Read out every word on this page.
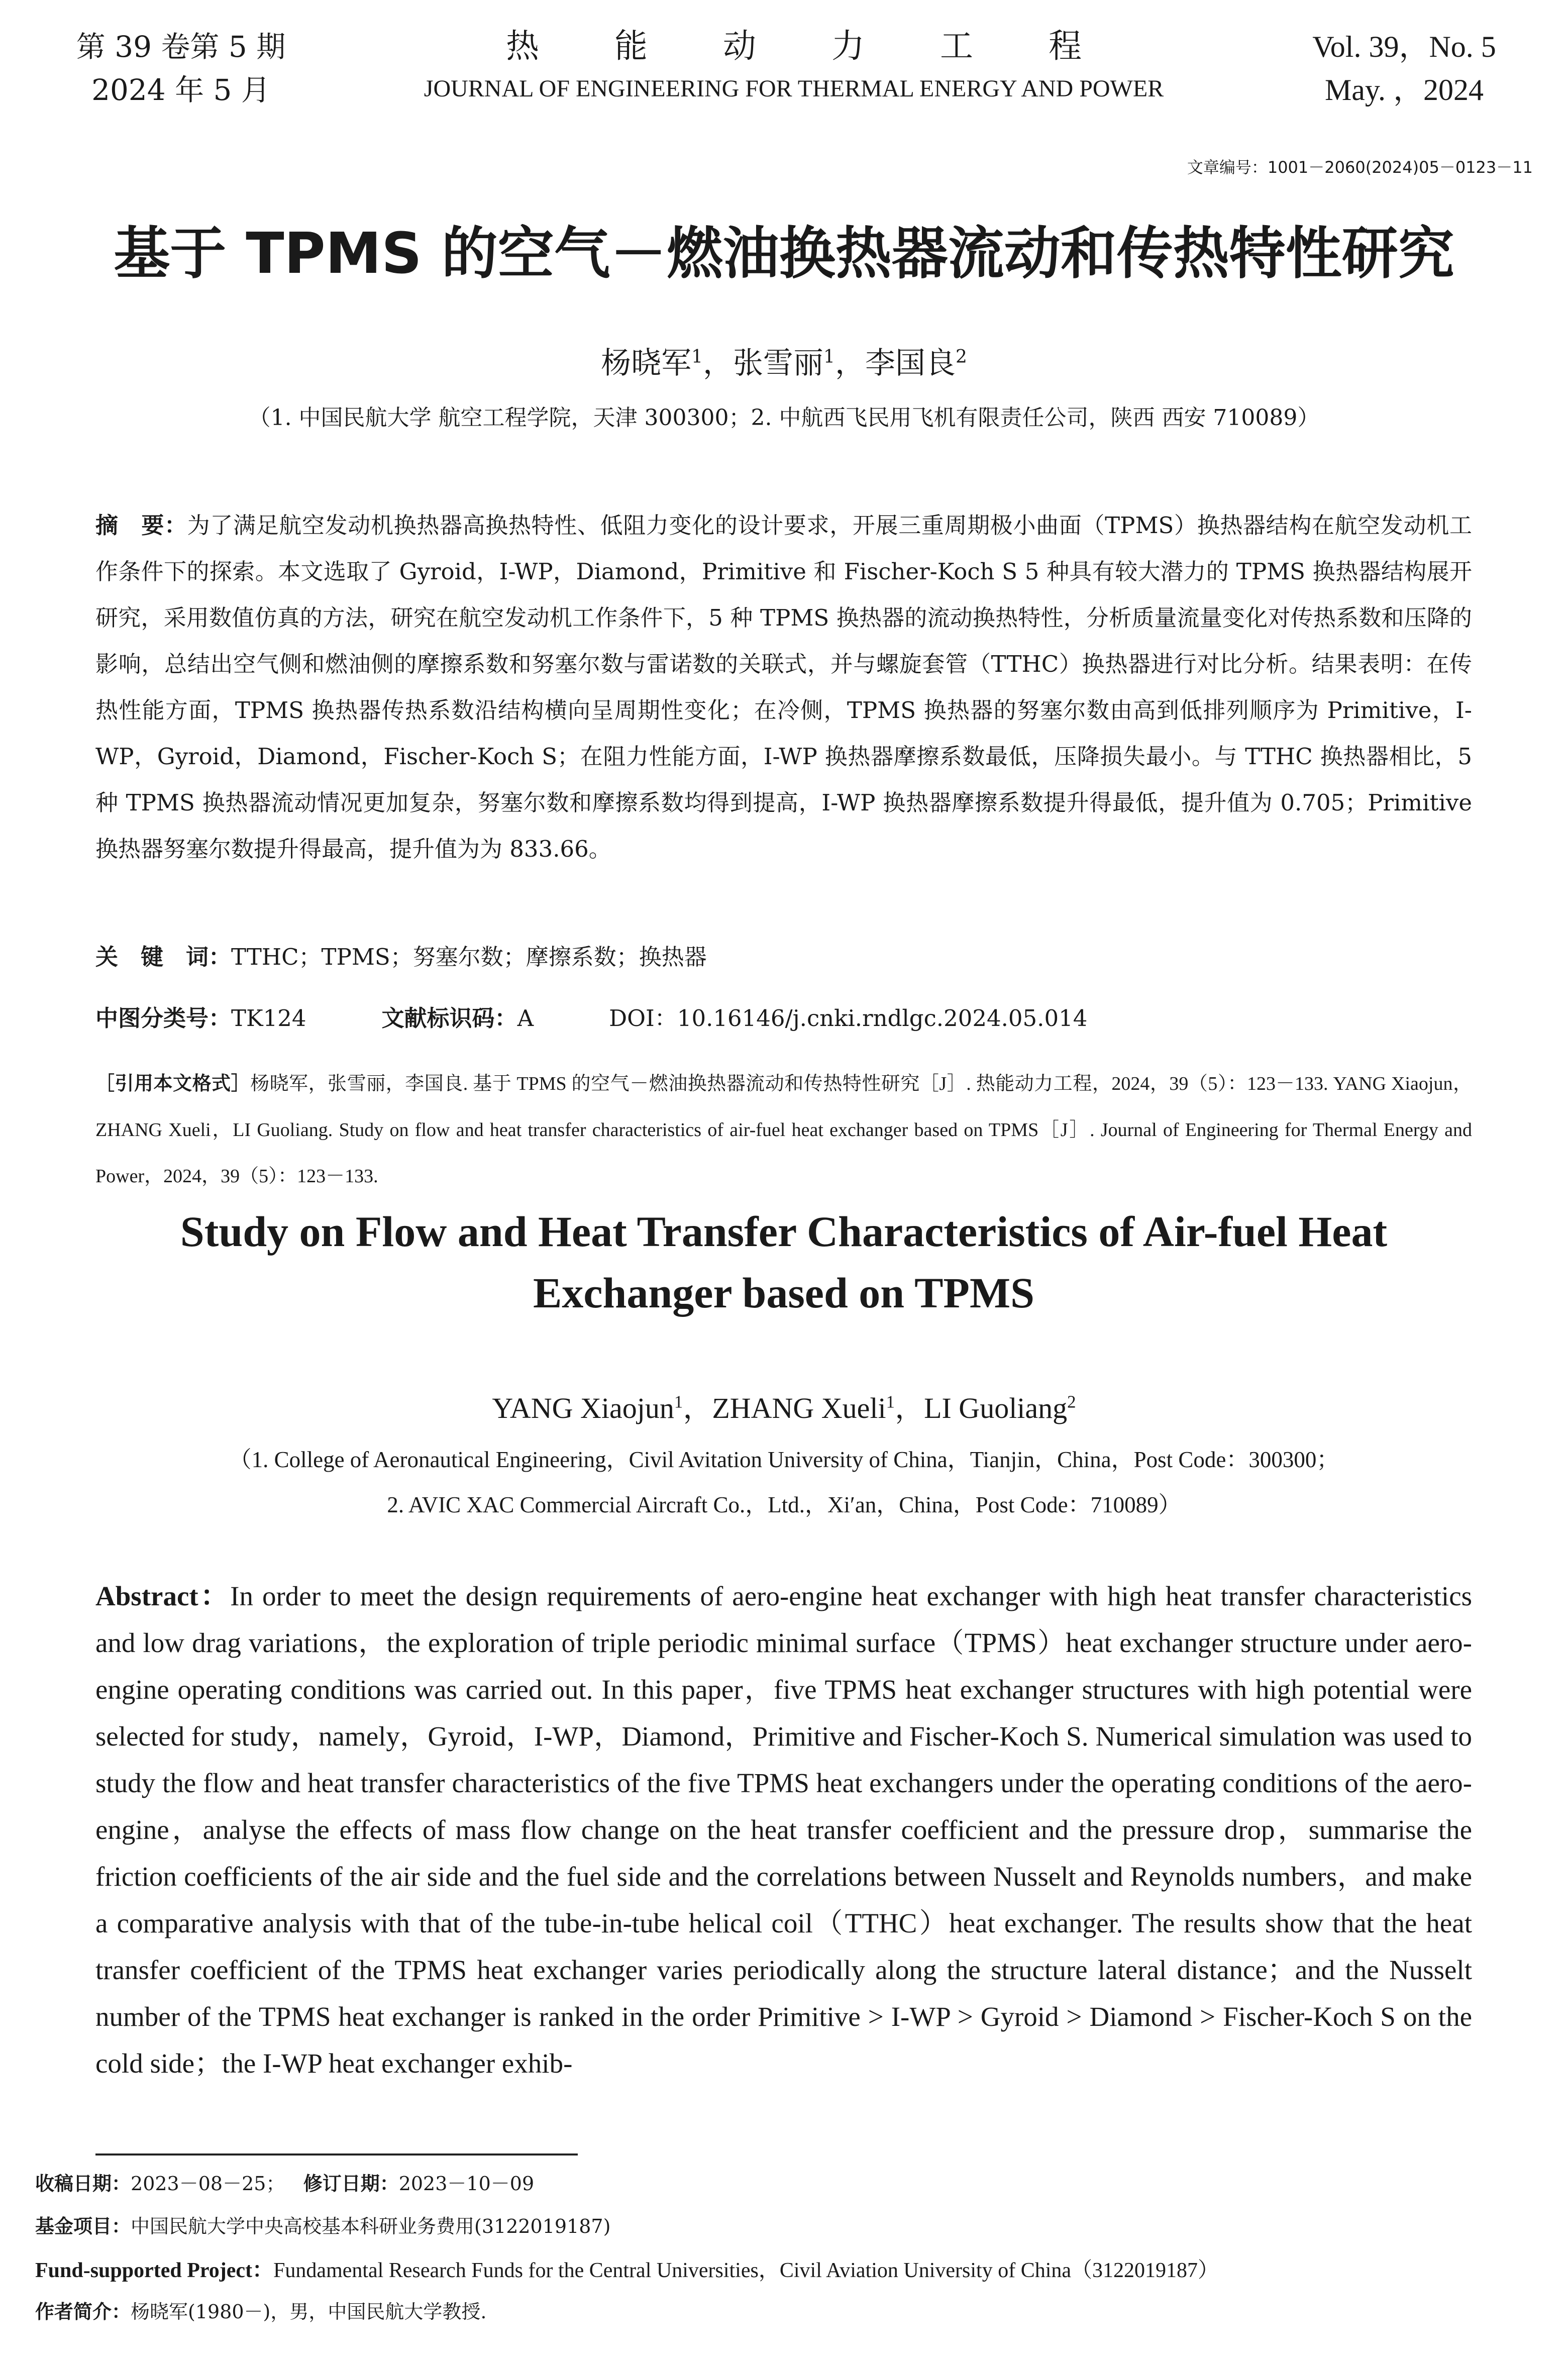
第 39 卷第 5 期
2024 年 5 月
热能动力工程
JOURNAL OF ENGINEERING FOR THERMAL ENERGY AND POWER
Vol. 39，No. 5
May. ，2024
文章编号：1001－2060(2024)05－0123－11
基于 TPMS 的空气－燃油换热器流动和传热特性研究
杨晓军$^1$，张雪丽$^1$，李国良$^2$
（1. 中国民航大学 航空工程学院，天津 300300；2. 中航西飞民用飞机有限责任公司，陕西 西安 710089）
摘　要：为了满足航空发动机换热器高换热特性、低阻力变化的设计要求，开展三重周期极小曲面（TPMS）换热器结构在航空发动机工作条件下的探索。本文选取了 Gyroid，I-WP，Diamond，Primitive 和 Fischer-Koch S 5 种具有较大潜力的 TPMS 换热器结构展开研究，采用数值仿真的方法，研究在航空发动机工作条件下，5 种 TPMS 换热器的流动换热特性，分析质量流量变化对传热系数和压降的影响，总结出空气侧和燃油侧的摩擦系数和努塞尔数与雷诺数的关联式，并与螺旋套管（TTHC）换热器进行对比分析。结果表明：在传热性能方面，TPMS 换热器传热系数沿结构横向呈周期性变化；在冷侧，TPMS 换热器的努塞尔数由高到低排列顺序为 Primitive，I-WP，Gyroid，Diamond，Fischer-Koch S；在阻力性能方面，I-WP 换热器摩擦系数最低，压降损失最小。与 TTHC 换热器相比，5 种 TPMS 换热器流动情况更加复杂，努塞尔数和摩擦系数均得到提高，I-WP 换热器摩擦系数提升得最低，提升值为 0.705；Primitive 换热器努塞尔数提升得最高，提升值为为 833.66。
关　键　词：TTHC；TPMS；努塞尔数；摩擦系数；换热器
中图分类号：TK124	文献标识码：A	DOI：10.16146/j.cnki.rndlgc.2024.05.014
［引用本文格式］杨晓军，张雪丽，李国良. 基于 TPMS 的空气－燃油换热器流动和传热特性研究［J］. 热能动力工程，2024，39（5）：123－133. YANG Xiaojun，ZHANG Xueli，LI Guoliang. Study on flow and heat transfer characteristics of air-fuel heat exchanger based on TPMS［J］. Journal of Engineering for Thermal Energy and Power，2024，39（5）：123－133.
Study on Flow and Heat Transfer Characteristics of Air-fuel Heat Exchanger based on TPMS
YANG Xiaojun$^1$，ZHANG Xueli$^1$，LI Guoliang$^2$
（1. College of Aeronautical Engineering，Civil Avitation University of China，Tianjin，China，Post Code：300300；
2. AVIC XAC Commercial Aircraft Co.，Ltd.，Xi′an，China，Post Code：710089）
Abstract：In order to meet the design requirements of aero-engine heat exchanger with high heat transfer characteristics and low drag variations，the exploration of triple periodic minimal surface（TPMS）heat exchanger structure under aero-engine operating conditions was carried out. In this paper，five TPMS heat exchanger structures with high potential were selected for study，namely，Gyroid，I-WP，Diamond，Primitive and Fischer-Koch S. Numerical simulation was used to study the flow and heat transfer characteristics of the five TPMS heat exchangers under the operating conditions of the aero-engine，analyse the effects of mass flow change on the heat transfer coefficient and the pressure drop，summarise the friction coefficients of the air side and the fuel side and the correlations between Nusselt and Reynolds numbers，and make a comparative analysis with that of the tube-in-tube helical coil（TTHC）heat exchanger. The results show that the heat transfer coefficient of the TPMS heat exchanger varies periodically along the structure lateral distance；and the Nusselt number of the TPMS heat exchanger is ranked in the order Primitive > I-WP > Gyroid > Diamond > Fischer-Koch S on the cold side；the I-WP heat exchanger exhib-
收稿日期：2023－08－25； 修订日期：2023－10－09
基金项目：中国民航大学中央高校基本科研业务费用(3122019187)
Fund-supported Project：Fundamental Research Funds for the Central Universities，Civil Aviation University of China（3122019187）
作者简介：杨晓军(1980－)，男，中国民航大学教授.
